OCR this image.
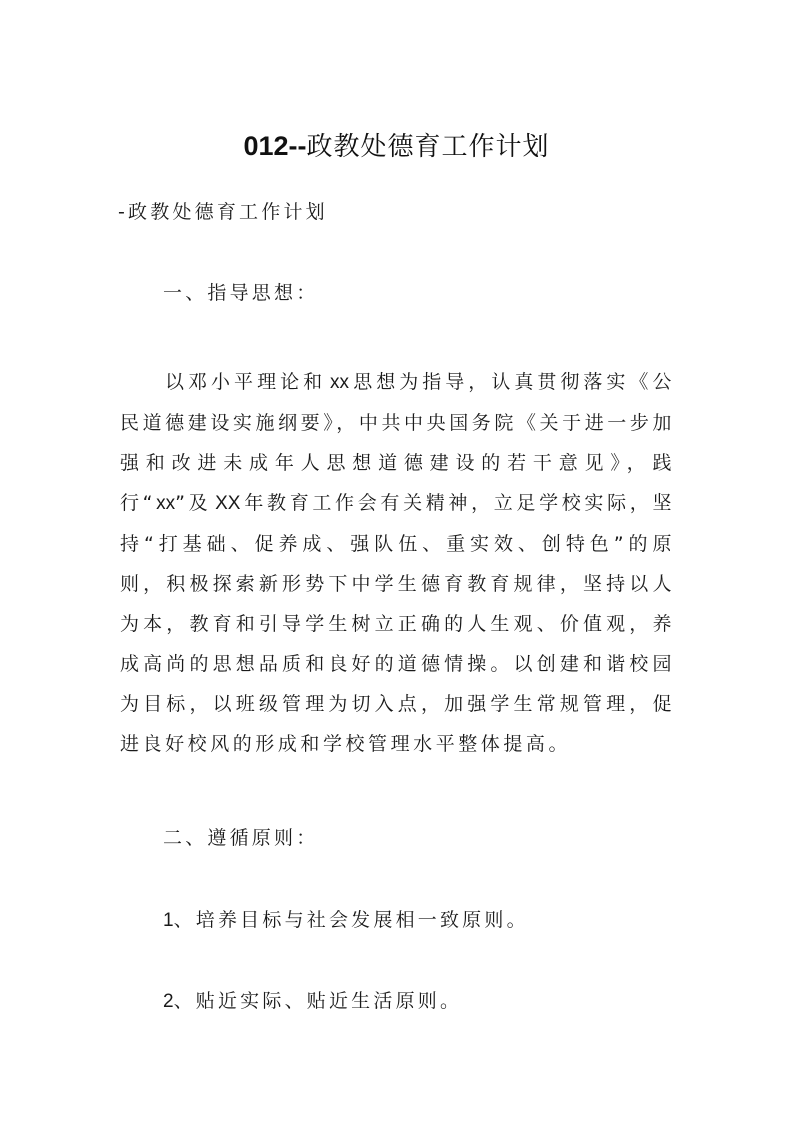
012--政教处德育工作计划
-政教处德育工作计划
一、指导思想：
以邓小平理论和  xx  思想为指导，认真贯彻落实《公民道德建设实施纲要》，中共中央国务院《关于进一步加强和改进未成年人思想道德建设的若干意见》，践行“xx”及  XX  年教育工作会有关精神，立足学校实际，坚持“打基础、促养成、强队伍、重实效、创特色”的原则，积极探索新形势下中学生德育教育规律，坚持以人为本，教育和引导学生树立正确的人生观、价值观，养成高尚的思想品质和良好的道德情操。以创建和谐校园为目标，以班级管理为切入点，加强学生常规管理，促进良好校风的形成和学校管理水平整体提高。
二、遵循原则：
1、培养目标与社会发展相一致原则。
2、贴近实际、贴近生活原则。
